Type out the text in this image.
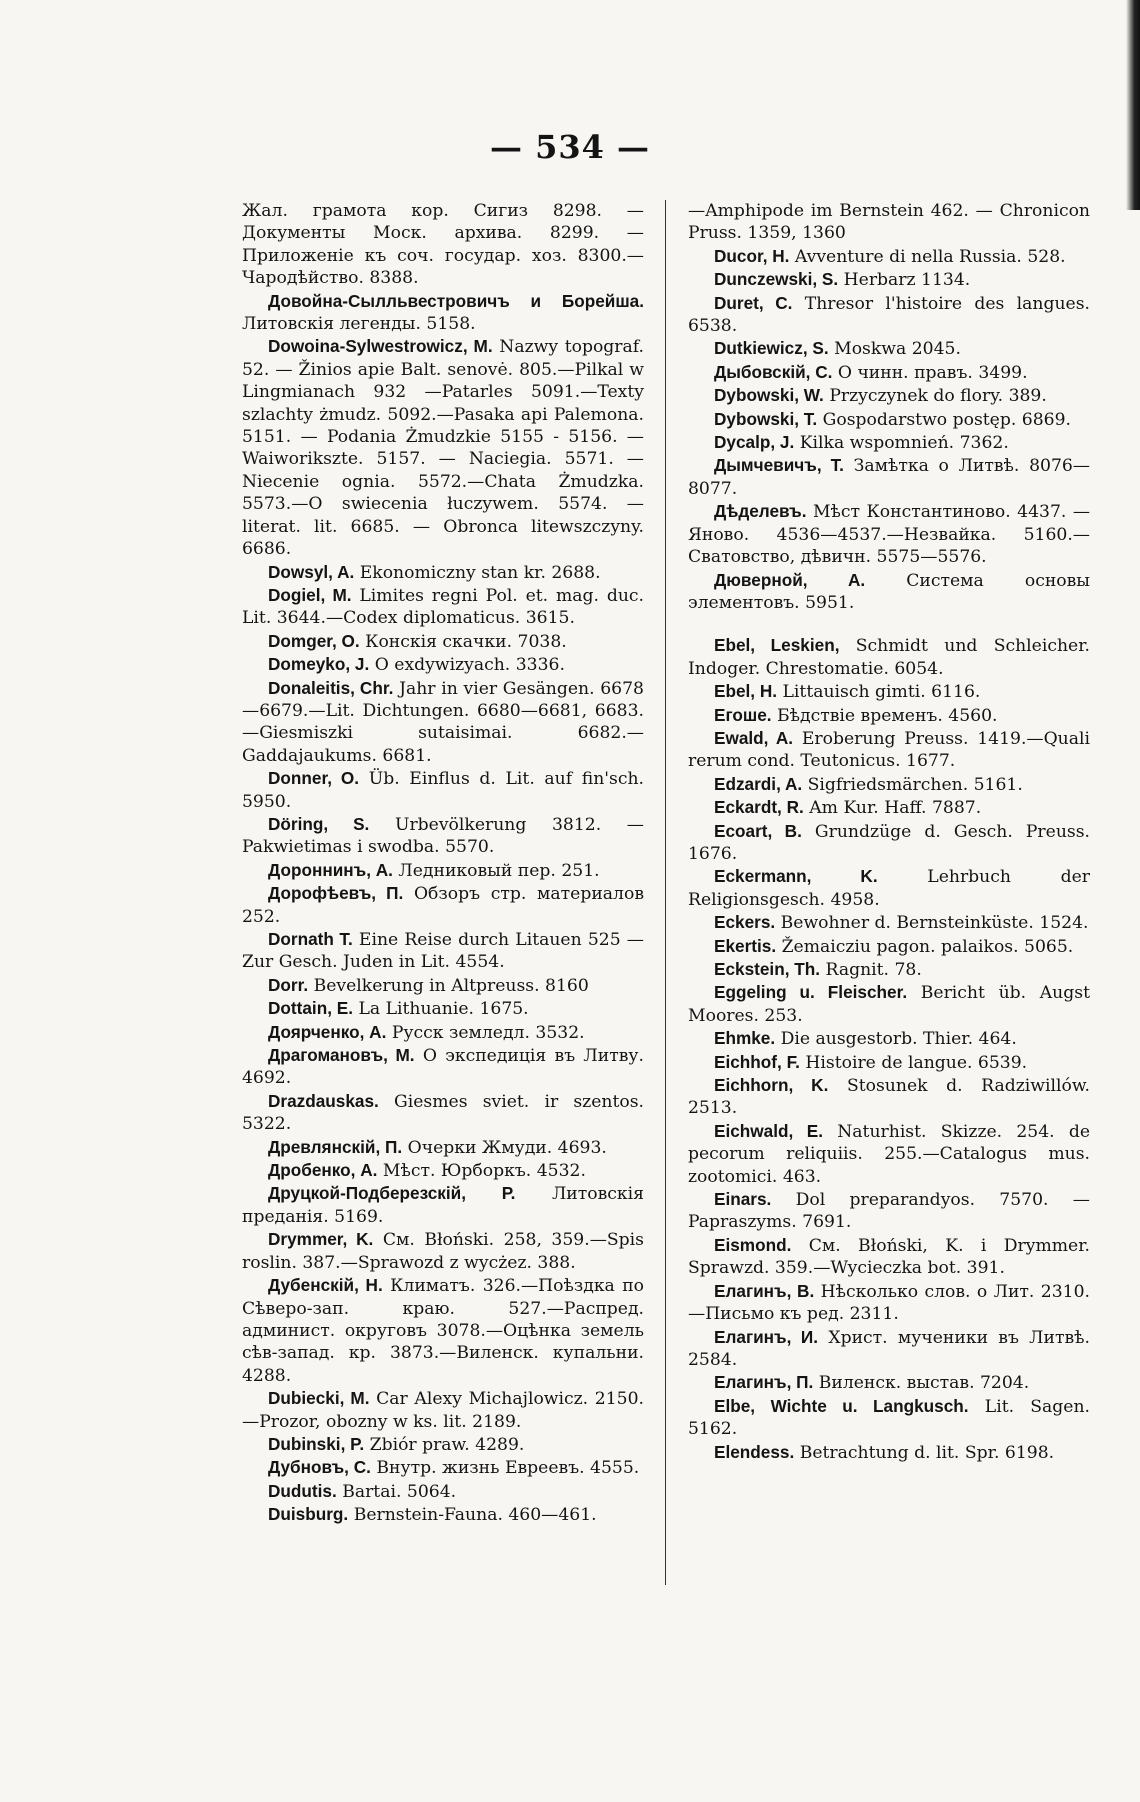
— 534 —

Жал. грамота кор. Сигиз 8298. — Документы Моск. архива. 8299. — Приложеніе къ соч. государ. хоз. 8300.—Чародѣйство. 8388.

Довойна-Сылльвестровичъ и Борейша. Литовскія легенды. 5158.

Dowoina-Sylwestrowicz, M. Nazwy topograf. 52. — Žinios apie Balt. senovė. 805.—Pilkal w Lingmianach 932 —Patarles 5091.—Texty szlachty żmudz. 5092.—Pasaka api Palemona. 5151. — Podania Żmudzkie 5155 - 5156. — Waiworikszte. 5157. — Naciegia. 5571. — Niecenie ognia. 5572.—Chata Żmudzka. 5573.—O swiecenia łuczywem. 5574. — literat. lit. 6685. — Obronca litewszczyny. 6686.

Dowsyl, A. Ekonomiczny stan kr. 2688.

Dogiel, M. Limites regni Pol. et. mag. duc. Lit. 3644.—Codex diplomaticus. 3615.

Domger, O. Конскія скачки. 7038.

Domeyko, J. O exdywizyach. 3336.

Donaleitis, Chr. Jahr in vier Gesängen. 6678—6679.—Lit. Dichtungen. 6680—6681, 6683.—Giesmiszki sutaisimai. 6682.—Gaddajaukums. 6681.

Donner, O. Üb. Einflus d. Lit. auf fin'sch. 5950.

Döring, S. Urbevölkerung 3812. — Pakwietimas i swodba. 5570.

Дороннинъ, А. Ледниковый пер. 251.

Дорофѣевъ, П. Обзоръ стр. материалов 252.

Dornath T. Eine Reise durch Litauen 525 —Zur Gesch. Juden in Lit. 4554.

Dorr. Bevelkerung in Altpreuss. 8160

Dottain, E. La Lithuanie. 1675.

Доярченко, А. Русск земледл. 3532.

Драгомановъ, М. О экспедиція въ Литву. 4692.

Drazdauskas. Giesmes sviet. ir szentos. 5322.

Древлянскій, П. Очерки Жмуди. 4693.

Дробенко, А. Мѣст. Юрборкъ. 4532.

Друцкой-Подберезскій, Р. Литовскія преданія. 5169.

Drymmer, K. См. Błoński. 258, 359.—Spis roslin. 387.—Sprawozd z wycżez. 388.

Дубенскій, Н. Климатъ. 326.—Поѣздка по Сѣверо-зап. краю. 527.—Распред. админист. округовъ 3078.—Оцѣнка земель сѣв-запад. кр. 3873.—Виленск. купальни. 4288.

Dubiecki, M. Car Alexy Michajlowicz. 2150.—Prozor, obozny w ks. lit. 2189.

Dubinski, P. Zbiór praw. 4289.

Дубновъ, С. Внутр. жизнь Евреевъ. 4555.

Dudutis. Bartai. 5064.

Duisburg. Bernstein-Fauna. 460—461.

—Amphipode im Bernstein 462. — Chronicon Pruss. 1359, 1360

Ducor, H. Avventure di nella Russia. 528.

Dunczewski, S. Herbarz 1134.

Duret, C. Thresor l'histoire des langues. 6538.

Dutkiewicz, S. Moskwa 2045.

Дыбовскій, С. О чинн. правъ. 3499.

Dybowski, W. Przyczynek do flory. 389.

Dybowski, T. Gospodarstwo postęp. 6869.

Dycalp, J. Kilka wspomnień. 7362.

Дымчевичъ, Т. Замѣтка о Литвѣ. 8076—8077.

Дѣделевъ. Мѣст Константиново. 4437. —Яново. 4536—4537.—Незвайка. 5160.—Сватовство, дѣвичн. 5575—5576.

Дюверной, А. Система основы элементовъ. 5951.

Ebel, Leskien, Schmidt und Schleicher. Indoger. Chrestomatie. 6054.

Ebel, H. Littauisch gimti. 6116.

Егоше. Бѣдствіе временъ. 4560.

Ewald, A. Eroberung Preuss. 1419.—Quali rerum cond. Teutonicus. 1677.

Edzardi, A. Sigfriedsmärchen. 5161.

Eckardt, R. Am Kur. Haff. 7887.

Ecoart, B. Grundzüge d. Gesch. Preuss. 1676.

Eckermann, K.	Lehrbuch der Religionsgesch. 4958.

Eckers. Bewohner d. Bernsteinküste. 1524.

Ekertis. Žemaicziu pagon. palaikos. 5065.

Eckstein, Th. Ragnit. 78.

Eggeling u. Fleischer. Bericht üb. Augst Moores. 253.

Ehmke. Die ausgestorb. Thier. 464.

Eichhof, F. Histoire de langue. 6539.

Eichhorn, K. Stosunek d. Radziwillów. 2513.

Eichwald, E. Naturhist. Skizze. 254. de pecorum reliquiis. 255.—Catalogus mus. zootomici. 463.

Einars. Dol preparandyos. 7570. — Papraszyms. 7691.

Eismond. См. Błoński, K. i Drymmer. Sprawzd. 359.—Wycieczka bot. 391.

Елагинъ, В. Нѣсколько слов. о Лит. 2310.—Письмо къ ред. 2311.

Елагинъ, И. Христ. мученики въ Литвѣ. 2584.

Елагинъ, П. Виленск. выстав. 7204.

Elbe, Wichte u. Langkusch. Lit. Sagen. 5162.

Elendess. Betrachtung d. lit. Spr. 6198.
